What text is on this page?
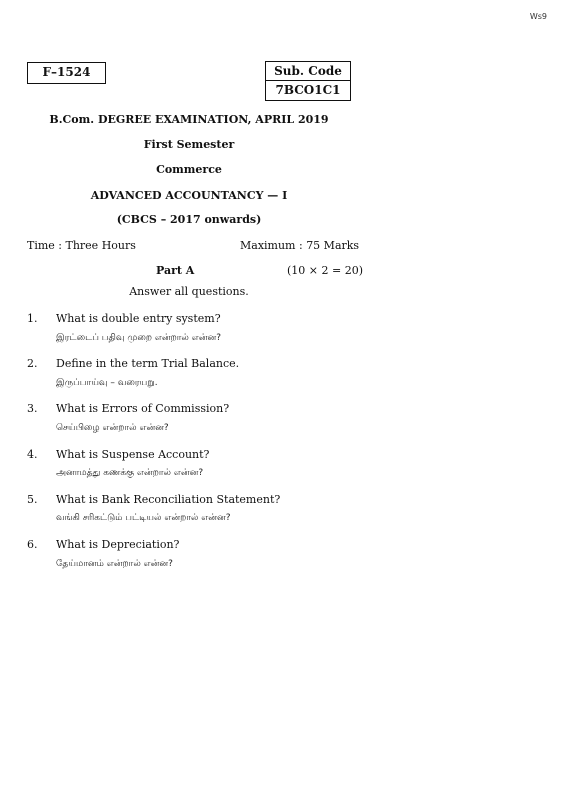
Ws9
F–1524	Sub. Code
7BCO1C1
B.Com. DEGREE EXAMINATION, APRIL 2019
First Semester
Commerce
ADVANCED ACCOUNTANCY — I
(CBCS – 2017 onwards)
Time : Three Hours	Maximum : 75 Marks
Part A	(10 × 2 = 20)
Answer all questions.
1. What is double entry system?
இரட்டைப் பதிவு முறை என்றால் என்ன?
2. Define in the term Trial Balance.
இருப்பாய்வு – வரையறு.
3. What is Errors of Commission?
செய்பிழை என்றால் என்ன?
4. What is Suspense Account?
அனாமத்து கணக்கு என்றால் என்ன?
5. What is Bank Reconciliation Statement?
வங்கி சரிகட்டும் பட்டியல் என்றால் என்ன?
6. What is Depreciation?
தேய்மானம் என்றால் என்ன?
